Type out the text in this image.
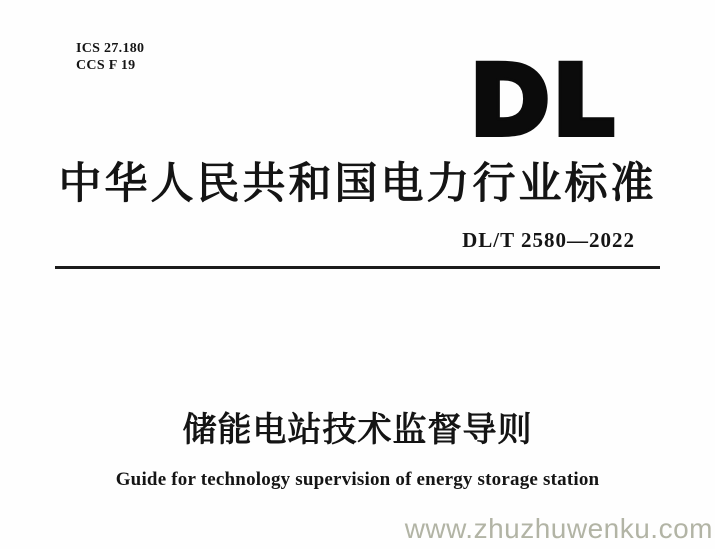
ICS 27.180
CCS F 19	DL
中华人民共和国电力行业标准
DL/T 2580—2022
储能电站技术监督导则
Guide for technology supervision of energy storage station
www.zhuzhuwenku.com
